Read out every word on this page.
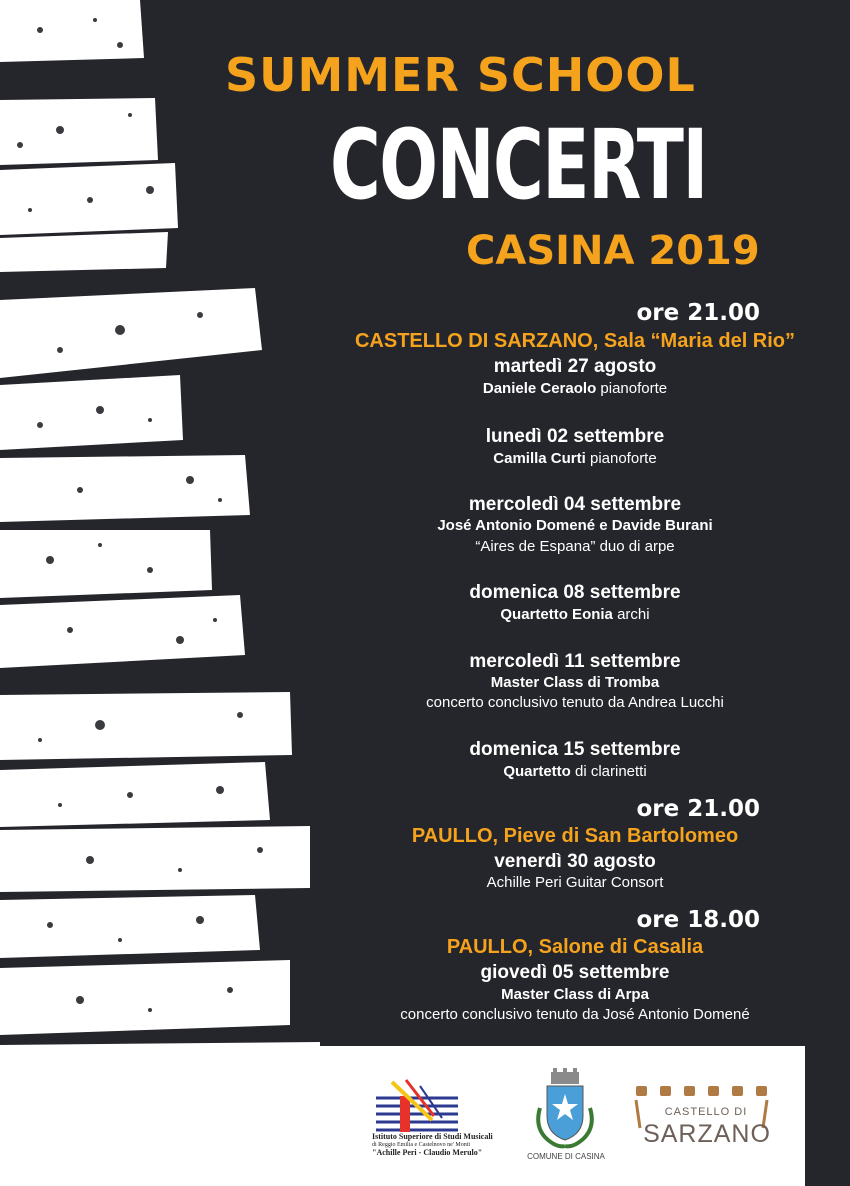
SUMMER SCHOOL
CONCERTI
CASINA 2019
ore 21.00
CASTELLO DI SARZANO, Sala “Maria del Rio”
martedì 27 agosto
Daniele Ceraolo pianoforte
lunedì 02 settembre
Camilla Curti pianoforte
mercoledì 04 settembre
José Antonio Domené e Davide Burani
“Aires de Espana” duo di arpe
domenica 08 settembre
Quartetto Eonia archi
mercoledì 11 settembre
Master Class di Tromba
concerto conclusivo tenuto da Andrea Lucchi
domenica 15 settembre
Quartetto di clarinetti
ore 21.00
PAULLO, Pieve di San Bartolomeo
venerdì 30 agosto
Achille Peri Guitar Consort
ore 18.00
PAULLO, Salone di Casalia
giovedì 05 settembre
Master Class di Arpa
concerto conclusivo tenuto da José Antonio Domené
Istituto Superiore di Studi Musicali
di Reggio Emilia e Castelnovo ne' Monti
"Achille Peri - Claudio Merulo"	COMUNE DI CASINA
CASTELLO DI
SARZANO
